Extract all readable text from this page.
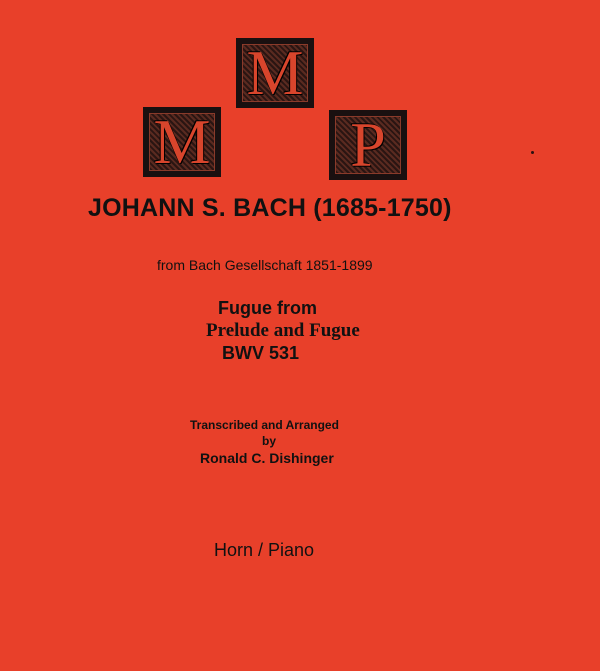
M
M P
JOHANN S. BACH (1685-1750)
from Bach Gesellschaft 1851-1899
Fugue from
Prelude and Fugue
BWV 531
Transcribed and Arranged
by
Ronald C. Dishinger
Horn / Piano
